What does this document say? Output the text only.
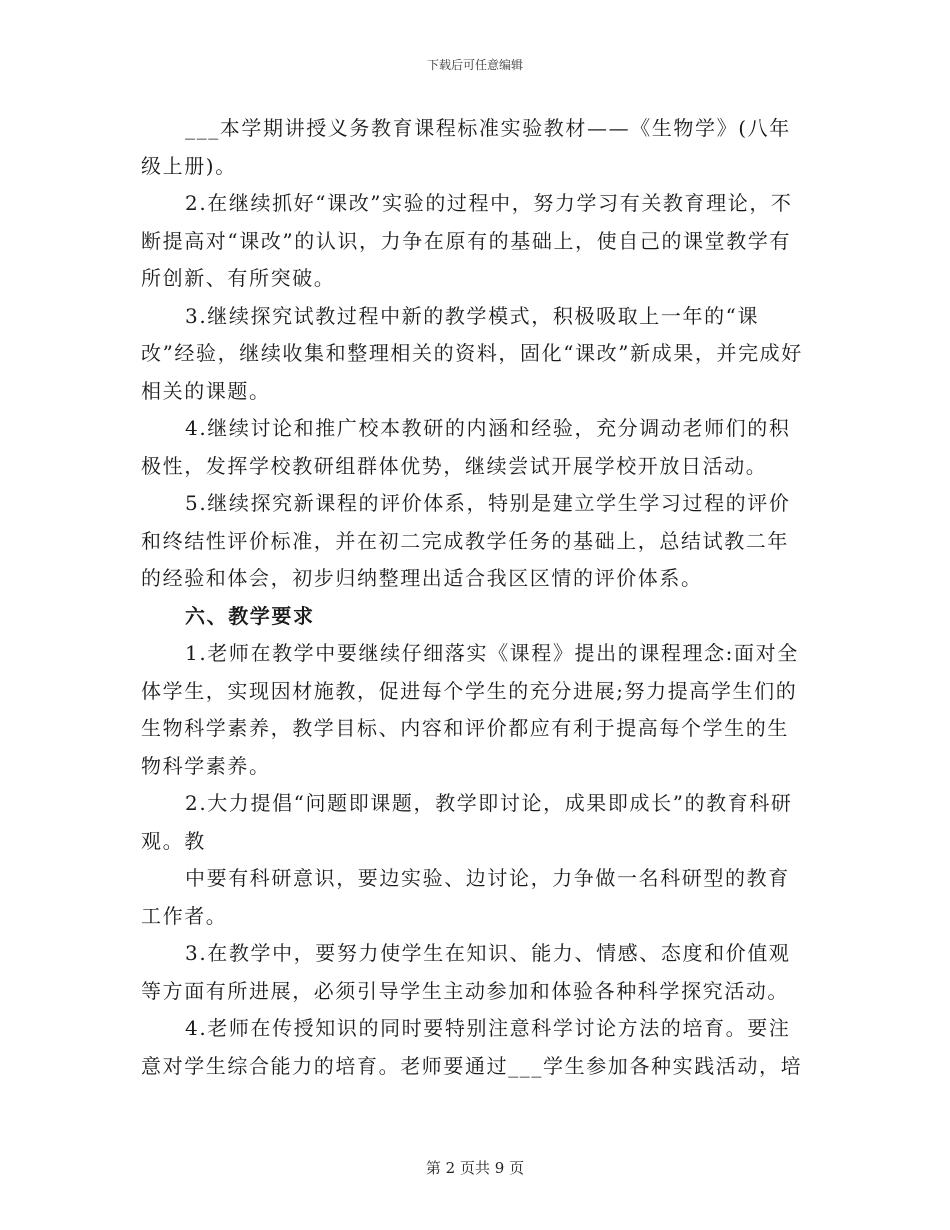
下载后可任意编辑

___本学期讲授义务教育课程标准实验教材——《生物学》(八年级上册)。

2.在继续抓好“课改”实验的过程中，努力学习有关教育理论，不断提高对“课改”的认识，力争在原有的基础上，使自己的课堂教学有所创新、有所突破。

3.继续探究试教过程中新的教学模式，积极吸取上一年的“课改”经验，继续收集和整理相关的资料，固化“课改”新成果，并完成好相关的课题。

4.继续讨论和推广校本教研的内涵和经验，充分调动老师们的积极性，发挥学校教研组群体优势，继续尝试开展学校开放日活动。

5.继续探究新课程的评价体系，特别是建立学生学习过程的评价和终结性评价标准，并在初二完成教学任务的基础上，总结试教二年的经验和体会，初步归纳整理出适合我区区情的评价体系。

六、教学要求

1.老师在教学中要继续仔细落实《课程》提出的课程理念:面对全体学生，实现因材施教，促进每个学生的充分进展;努力提高学生们的生物科学素养，教学目标、内容和评价都应有利于提高每个学生的生物科学素养。

2.大力提倡“问题即课题，教学即讨论，成果即成长”的教育科研观。教

中要有科研意识，要边实验、边讨论，力争做一名科研型的教育工作者。

3.在教学中，要努力使学生在知识、能力、情感、态度和价值观等方面有所进展，必须引导学生主动参加和体验各种科学探究活动。

4.老师在传授知识的同时要特别注意科学讨论方法的培育。要注意对学生综合能力的培育。老师要通过___学生参加各种实践活动，培

第 2 页共 9 页
